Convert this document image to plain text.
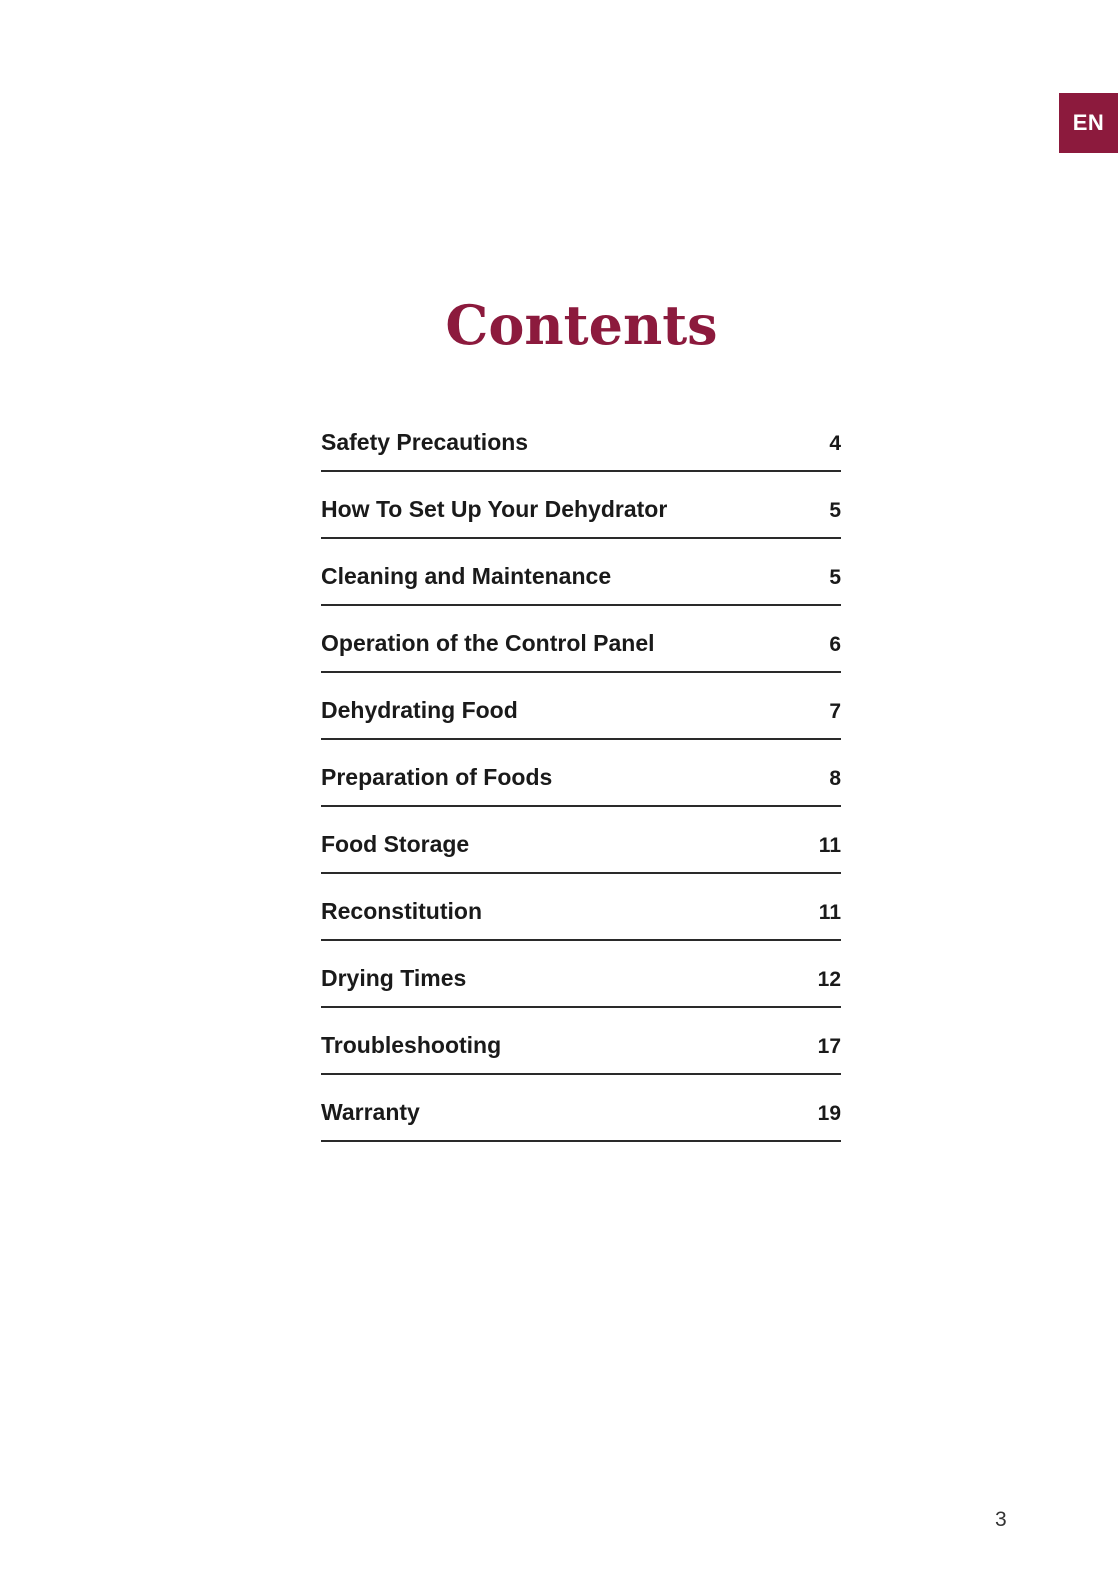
EN
Contents
Safety Precautions	4
How To Set Up Your Dehydrator	5
Cleaning and Maintenance	5
Operation of the Control Panel	6
Dehydrating Food	7
Preparation of Foods	8
Food Storage	11
Reconstitution	11
Drying Times	12
Troubleshooting	17
Warranty	19
3
